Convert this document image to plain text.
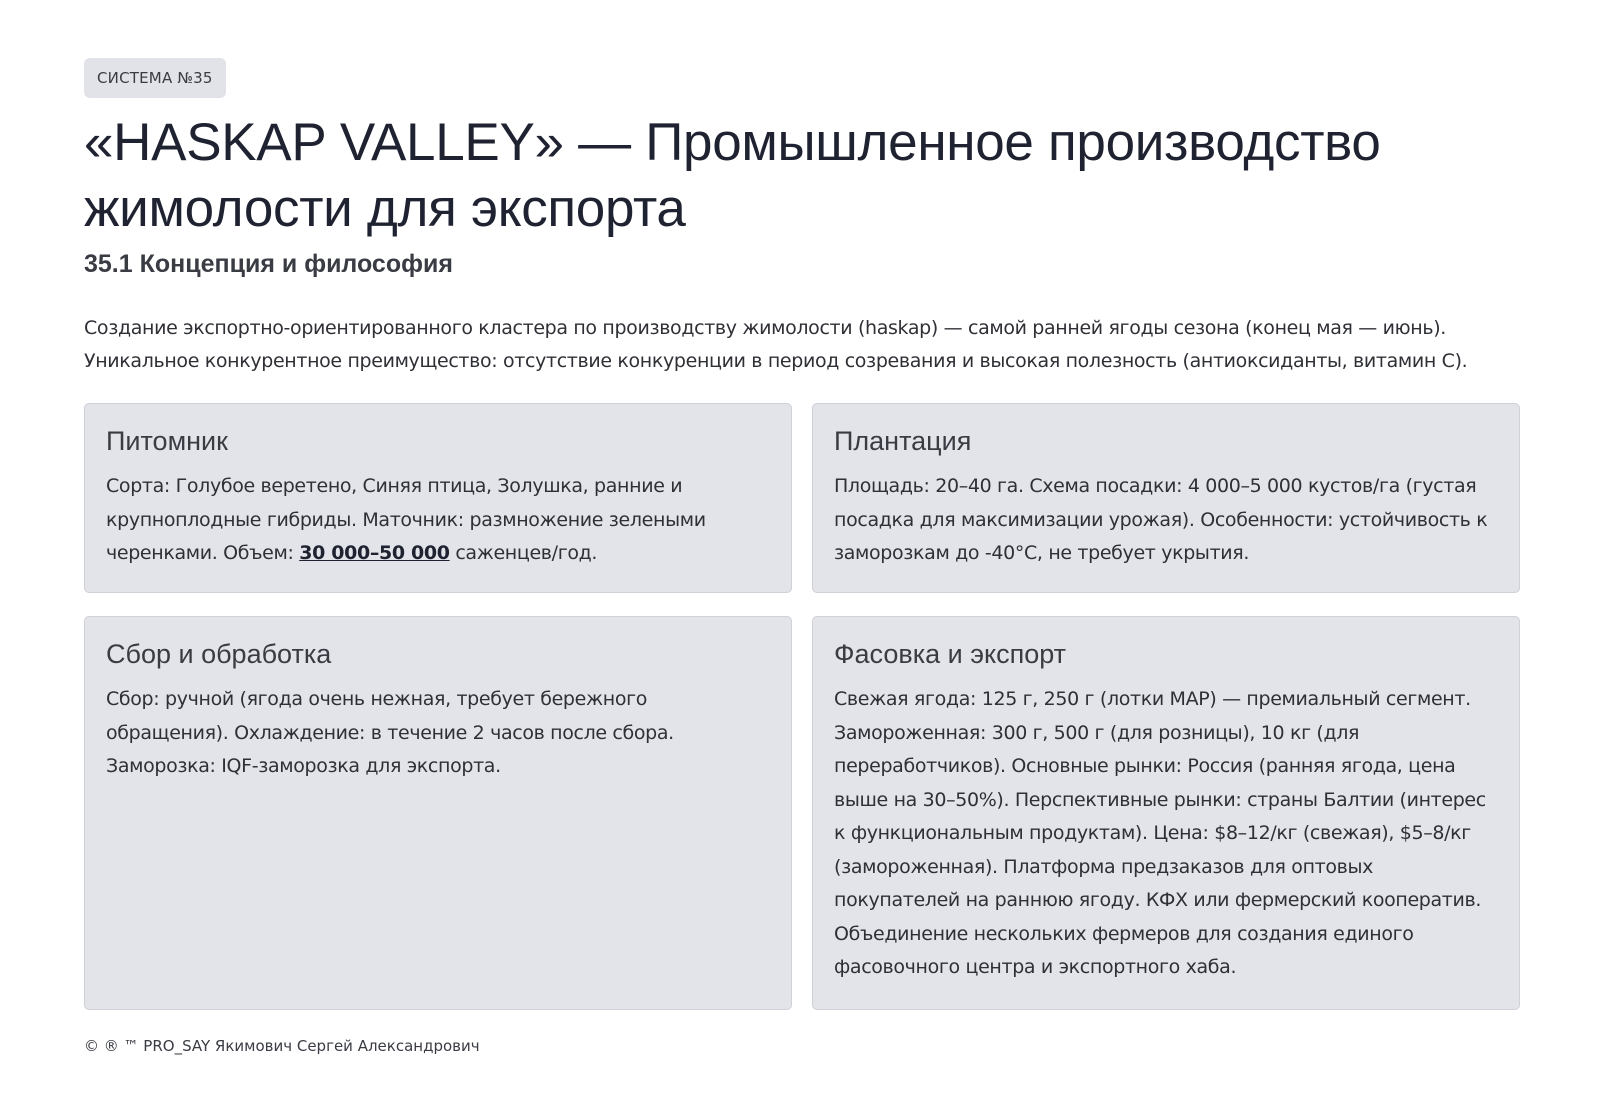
СИСТЕМА №35
«HASKAP VALLEY» — Промышленное производство
жимолости для экспорта
35.1 Концепция и философия

Создание экспортно-ориентированного кластера по производству жимолости (haskap) — самой ранней ягоды сезона (конец мая — июнь).

Уникальное конкурентное преимущество: отсутствие конкуренции в период созревания и высокая полезность (антиоксиданты, витамин С).

Питомник

Сорта: Голубое веретено, Синяя птица, Золушка, ранние и крупноплодные гибриды. Маточник: размножение зелеными черенками. Объем: 30 000–50 000 саженцев/год.

Плантация

Площадь: 20–40 га. Схема посадки: 4 000–5 000 кустов/га (густая посадка для максимизации урожая). Особенности: устойчивость к заморозкам до -40°C, не требует укрытия.

Сбор и обработка

Сбор: ручной (ягода очень нежная, требует бережного обращения). Охлаждение: в течение 2 часов после сбора. Заморозка: IQF-заморозка для экспорта.

Фасовка и экспорт

Свежая ягода: 125 г, 250 г (лотки MAP) — премиальный сегмент. Замороженная: 300 г, 500 г (для розницы), 10 кг (для переработчиков). Основные рынки: Россия (ранняя ягода, цена выше на 30–50%). Перспективные рынки: страны Балтии (интерес к функциональным продуктам). Цена: $8–12/кг (свежая), $5–8/кг (замороженная). Платформа предзаказов для оптовых покупателей на раннюю ягоду. КФХ или фермерский кооператив. Объединение нескольких фермеров для создания единого фасовочного центра и экспортного хаба.

© ® ™ PRO_SAY Якимович Сергей Александрович
